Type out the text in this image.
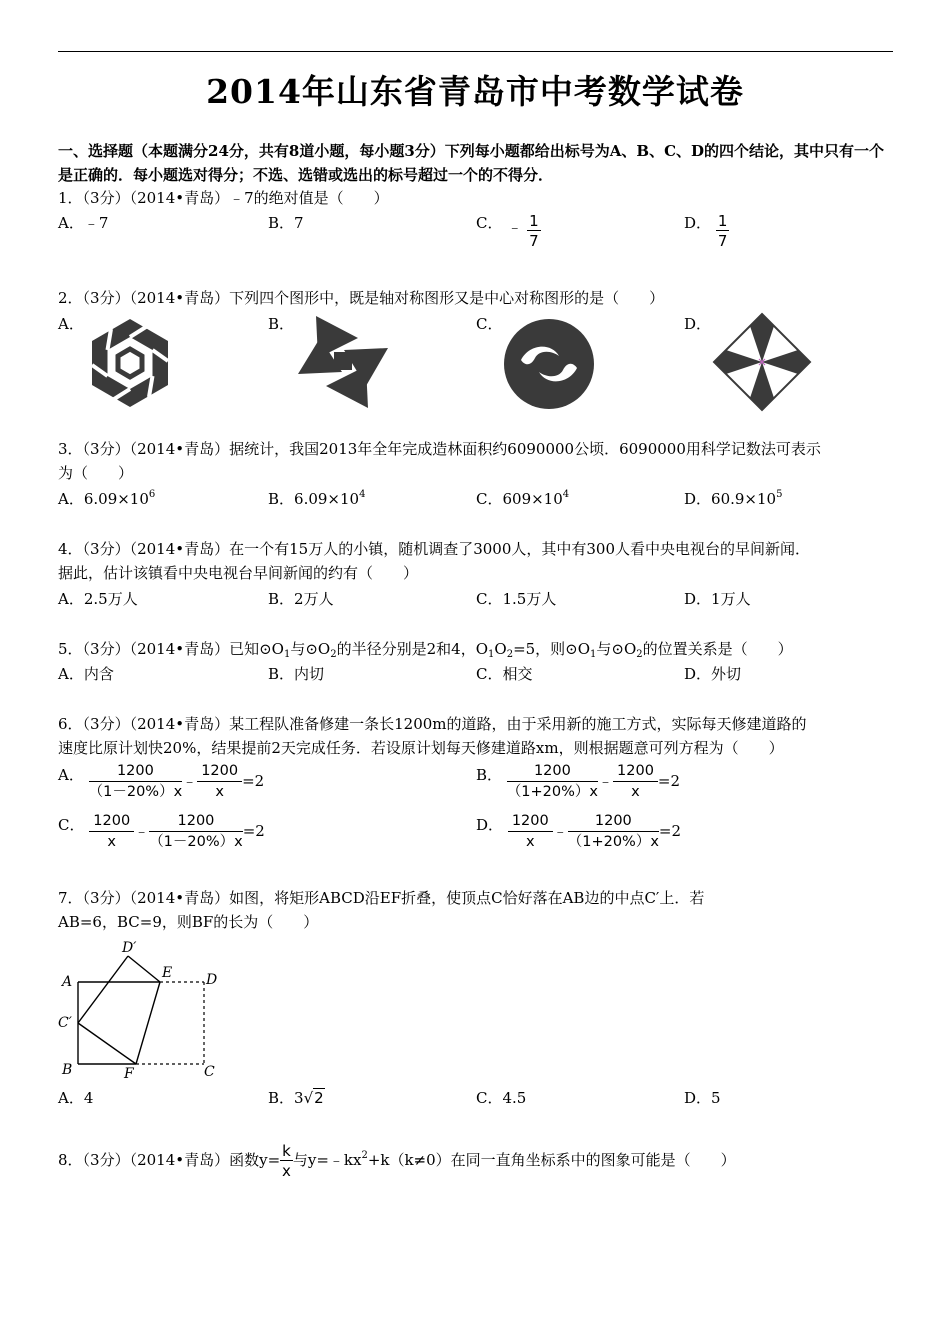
2014年山东省青岛市中考数学试卷
一、选择题（本题满分24分，共有8道小题，每小题3分）下列每小题都给出标号为A、B、C、D的四个结论，其中只有一个是正确的．每小题选对得分；不选、选错或选出的标号超过一个的不得分．
1．（3分）（2014•青岛）﹣7的绝对值是（　　）
A．﹣7	B．7	C． ﹣ $\frac{1}{7}$	D． $\frac{1}{7}$
2．（3分）（2014•青岛）下列四个图形中，既是轴对称图形又是中心对称图形的是（　　）
A．	B．	C．	D．
3．（3分）（2014•青岛）据统计，我国2013年全年完成造林面积约6090000公顷．6090000用科学记数法可表示
为（　　）
A．$6.09\times 10^6$	B．$6.09\times 10^4$	C．$609\times 10^4$	D．$60.9\times 10^5$
4．（3分）（2014•青岛）在一个有15万人的小镇，随机调查了3000人，其中有300人看中央电视台的早间新闻．
据此，估计该镇看中央电视台早间新闻的约有（　　）
A．2.5万人	B．2万人	C．1.5万人	D．1万人
5．（3分）（2014•青岛）已知$⊙O_1$与$⊙O_2$的半径分别是2和4，$O_1O_2=5$，则$⊙O_1$与$⊙O_2$的位置关系是（　　）
A．内含	B．内切	C．相交	D．外切
6．（3分）（2014•青岛）某工程队准备修建一条长1200m的道路，由于采用新的施工方式，实际每天修建道路的
速度比原计划快20%，结果提前2天完成任务．若设原计划每天修建道路xm，则根据题意可列方程为（　　）
A． $\frac{1200}{(1-20\%)x}$ ﹣ $\frac{1200}{x} =2$	B． $\frac{1200}{(1+20\%)x}$ ﹣ $\frac{1200}{x} =2$
C． $\frac{1200}{x}$ ﹣ $\frac{1200}{(1-20\%)x} =2$	D． $\frac{1200}{x}$ ﹣ $\frac{1200}{(1+20\%)x} =2$
7．（3分）（2014•青岛）如图，将矩形ABCD沿EF折叠，使顶点C恰好落在AB边的中点C′上．若
AB=6，BC=9，则BF的长为（　　）
A
C′
B	F	C
D
E
D′
A．4	B．3√2	C．4.5	D．5
8．（3分）（2014•青岛）函数$y= \frac{k}{x}$ 与$y=﹣kx^2+k(k\ne 0)$在同一直角坐标系中的图象可能是（　　）
